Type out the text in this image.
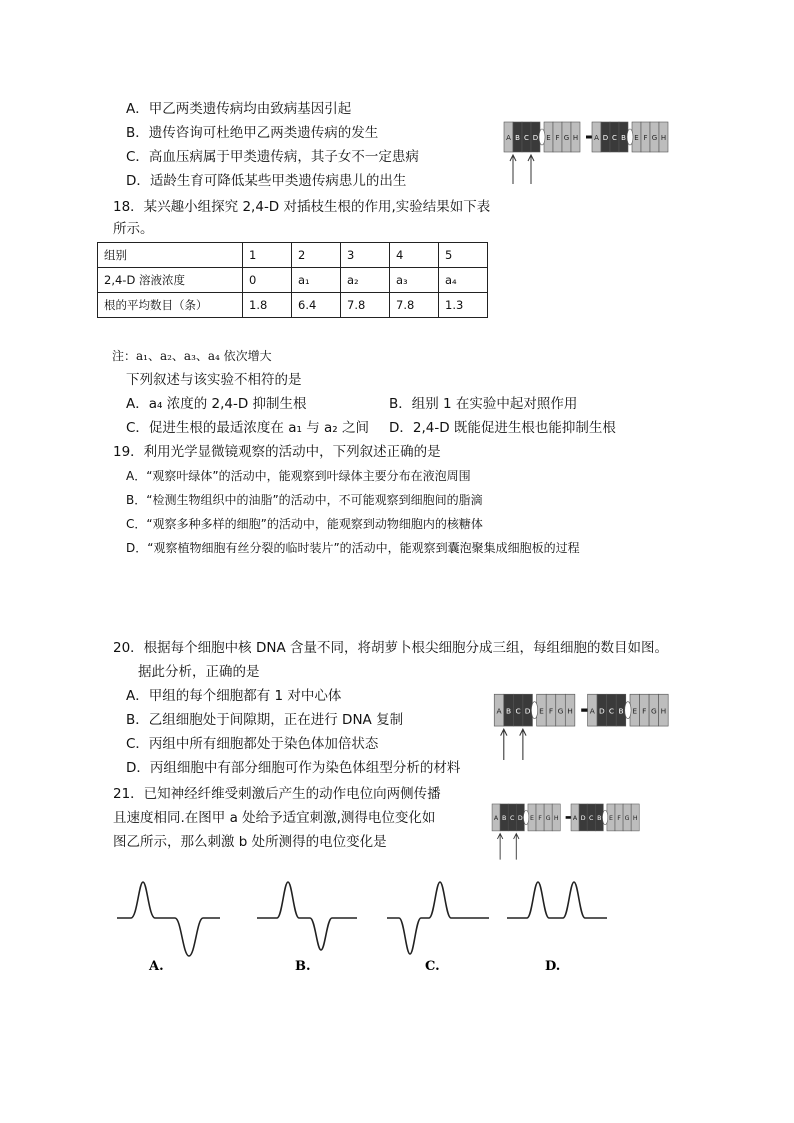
A．甲乙两类遗传病均由致病基因引起
B．遗传咨询可杜绝甲乙两类遗传病的发生
C．高血压病属于甲类遗传病，其子女不一定患病
D．适龄生育可降低某些甲类遗传病患儿的出生
A B C D E F G H A D C B E F G H
18．某兴趣小组探究 2,4-D 对插枝生根的作用,实验结果如下表
所示。
组别	1	2	3	4	5
2,4-D 溶液浓度	0	a₁	a₂	a₃	a₄
根的平均数目（条）	1.8	6.4	7.8	7.8	1.3
注：a₁、a₂、a₃、a₄ 依次增大
下列叙述与该实验不相符的是
A．a₄ 浓度的 2,4-D 抑制生根	B．组别 1 在实验中起对照作用
C．促进生根的最适浓度在 a₁ 与 a₂ 之间 D．2,4-D 既能促进生根也能抑制生根
19．利用光学显微镜观察的活动中，下列叙述正确的是
A．“观察叶绿体”的活动中，能观察到叶绿体主要分布在液泡周围
B．“检测生物组织中的油脂”的活动中，不可能观察到细胞间的脂滴
C．“观察多种多样的细胞”的活动中，能观察到动物细胞内的核糖体
D．“观察植物细胞有丝分裂的临时装片”的活动中，能观察到囊泡聚集成细胞板的过程
20．根据每个细胞中核 DNA 含量不同，将胡萝卜根尖细胞分成三组，每组细胞的数目如图。
据此分析，正确的是
A．甲组的每个细胞都有 1 对中心体
B．乙组细胞处于间隙期，正在进行 DNA 复制
C．丙组中所有细胞都处于染色体加倍状态
D．丙组细胞中有部分细胞可作为染色体组型分析的材料
A B C D E F G H A D C B E F G H
21．已知神经纤维受刺激后产生的动作电位向两侧传播
且速度相同.在图甲 a 处给予适宜刺激,测得电位变化如
图乙所示，那么刺激 b 处所测得的电位变化是
A B C D E F G H A D C B E F G H
A.	B.	C.	D.
